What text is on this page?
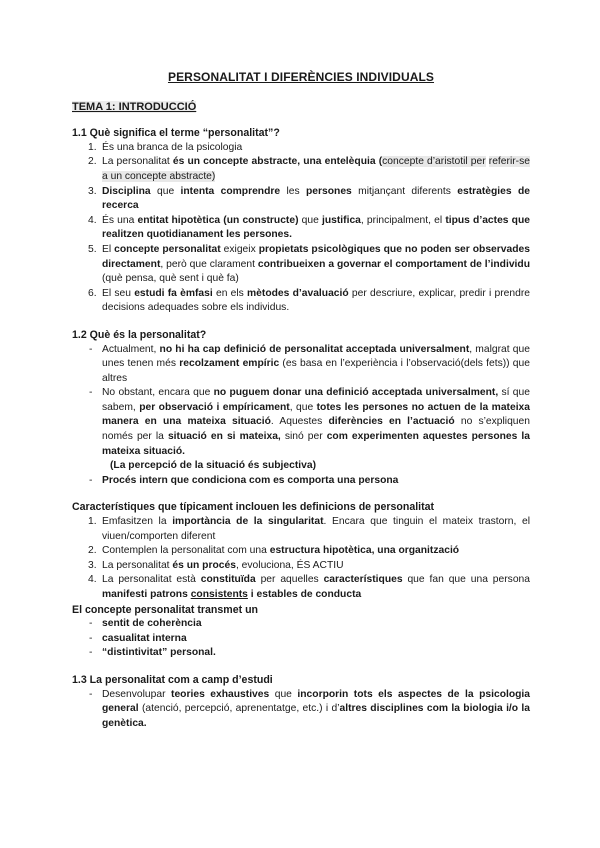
PERSONALITAT I DIFERÈNCIES INDIVIDUALS

TEMA 1: INTRODUCCIÓ

1.1 Què significa el terme “personalitat”?

1. És una branca de la psicologia
2. La personalitat és un concepte abstracte, una entelèquia (concepte d’aristotil per referir-se a un concepte abstracte)
3. Disciplina que intenta comprendre les persones mitjançant diferents estratègies de recerca
4. És una entitat hipotètica (un constructe) que justifica, principalment, el tipus d’actes que realitzen quotidianament les persones.
5. El concepte personalitat exigeix propietats psicològiques que no poden ser observades directament, però que clarament contribueixen a governar el comportament de l’individu (què pensa, què sent i què fa)
6. El seu estudi fa èmfasi en els mètodes d’avaluació per descriure, explicar, predir i prendre decisions adequades sobre els individus.

1.2 Què és la personalitat?

- Actualment, no hi ha cap definició de personalitat acceptada universalment, malgrat que unes tenen més recolzament empíric (es basa en l’experiència i l’observació(dels fets)) que altres
- No obstant, encara que no puguem donar una definició acceptada universalment, sí que sabem, per observació i empíricament, que totes les persones no actuen de la mateixa manera en una mateixa situació. Aquestes diferències en l’actuació no s’expliquen només per la situació en si mateixa, sinó per com experimenten aquestes persones la mateixa situació.

(La percepció de la situació és subjectiva)

- Procés intern que condiciona com es comporta una persona

Característiques que típicament inclouen les definicions de personalitat

1. Emfasitzen la importància de la singularitat. Encara que tinguin el mateix trastorn, el viuen/comporten diferent
2. Contemplen la personalitat com una estructura hipotètica, una organització
3. La personalitat és un procés, evoluciona, ÉS ACTIU
4. La personalitat està constituïda per aquelles característiques que fan que una persona manifesti patrons consistents i estables de conducta

El concepte personalitat transmet un

- sentit de coherència
- casualitat interna
- “distintivitat” personal.

1.3 La personalitat com a camp d’estudi

- Desenvolupar teories exhaustives que incorporin tots els aspectes de la psicologia general (atenció, percepció, aprenentatge, etc.) i d’altres disciplines com la biologia i/o la genètica.
